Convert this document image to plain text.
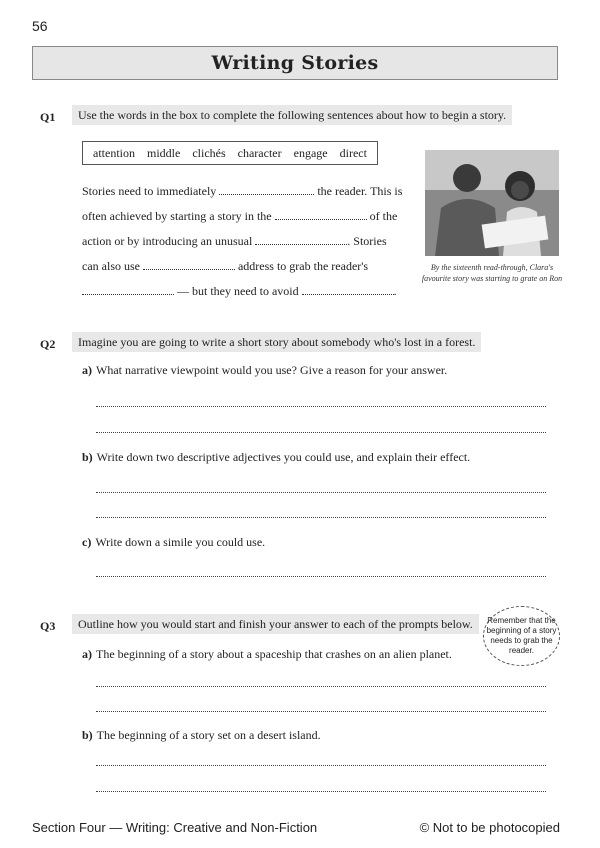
56
Writing Stories
Q1	Use the words in the box to complete the following sentences about how to begin a story.
attention middle clichés character engage direct
Stories need to immediately	the reader. This is
often achieved by starting a story in the	of the
action or by introducing an unusual	. Stories
can also use	address to grab the reader's
— but they need to avoid	.
By the sixteenth read-through, Clara's favourite story was starting to grate on Ron
Q2	Imagine you are going to write a short story about somebody who's lost in a forest.
a) What narrative viewpoint would you use? Give a reason for your answer.
b) Write down two descriptive adjectives you could use, and explain their effect.
c) Write down a simile you could use.
Q3	Outline how you would start and finish your answer to each of the prompts below.	Remember that the beginning of a story needs to grab the reader.
a) The beginning of a story about a spaceship that crashes on an alien planet.
b) The beginning of a story set on a desert island.
Section Four — Writing: Creative and Non-Fiction	© Not to be photocopied
